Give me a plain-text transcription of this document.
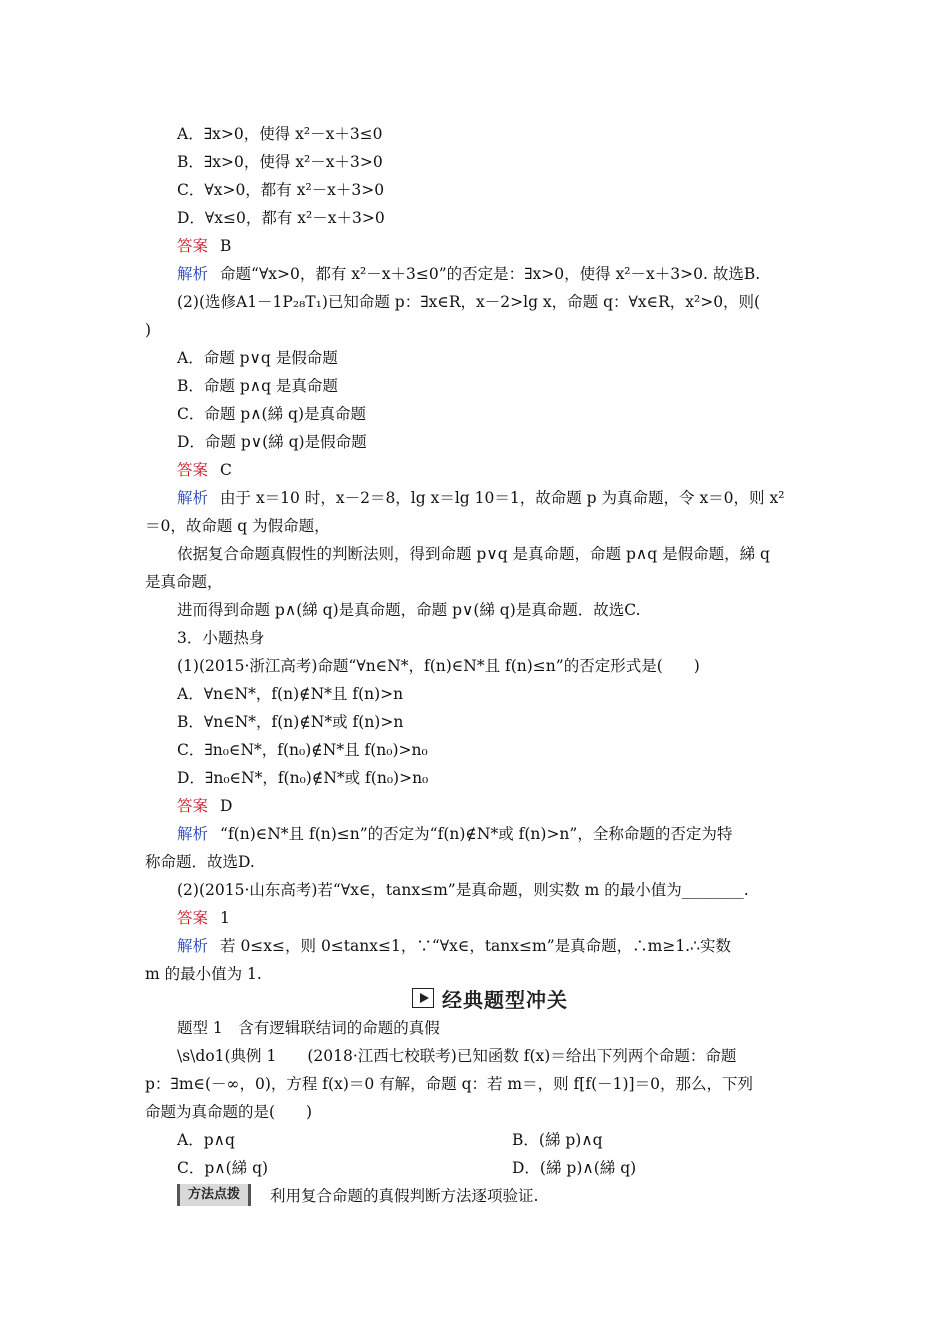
A．∃x>0，使得 x²－x＋3≤0
B．∃x>0，使得 x²－x＋3>0
C．∀x>0，都有 x²－x＋3>0
D．∀x≤0，都有 x²－x＋3>0
答案 B
解析 命题“∀x>0，都有 x²－x＋3≤0”的否定是：∃x>0，使得 x²－x＋3>0. 故选B.
(2)(选修A1－1P₂₈T₁)已知命题 p：∃x∈R，x－2>lg x，命题 q：∀x∈R，x²>0，则(
)
A．命题 p∨q 是假命题
B．命题 p∧q 是真命题
C．命题 p∧(綈 q)是真命题
D．命题 p∨(綈 q)是假命题
答案 C
解析 由于 x＝10 时，x－2＝8，lg x＝lg 10＝1，故命题 p 为真命题，令 x＝0，则 x²
＝0，故命题 q 为假命题，
依据复合命题真假性的判断法则，得到命题 p∨q 是真命题，命题 p∧q 是假命题，綈 q
是真命题，
进而得到命题 p∧(綈 q)是真命题，命题 p∨(綈 q)是真命题．故选C.
3．小题热身
(1)(2015·浙江高考)命题“∀n∈N*，f(n)∈N*且 f(n)≤n”的否定形式是(　　)
A．∀n∈N*，f(n)∉N*且 f(n)>n
B．∀n∈N*，f(n)∉N*或 f(n)>n
C．∃n₀∈N*，f(n₀)∉N*且 f(n₀)>n₀
D．∃n₀∈N*，f(n₀)∉N*或 f(n₀)>n₀
答案 D
解析 “f(n)∈N*且 f(n)≤n”的否定为“f(n)∉N*或 f(n)>n”，全称命题的否定为特
称命题．故选D.
(2)(2015·山东高考)若“∀x∈，tanx≤m”是真命题，则实数 m 的最小值为________.
答案 1
解析 若 0≤x≤，则 0≤tanx≤1，∵“∀x∈，tanx≤m”是真命题，∴m≥1.∴实数
m 的最小值为 1.
经典题型冲关
题型 1　含有逻辑联结词的命题的真假
\s\do1(典例 1　　(2018·江西七校联考)已知函数 f(x)＝给出下列两个命题：命题
p：∃m∈(－∞，0)，方程 f(x)＝0 有解，命题 q：若 m＝，则 f[f(－1)]＝0，那么，下列
命题为真命题的是(　　)
A．p∧q	B．(綈 p)∧q
C．p∧(綈 q)	D．(綈 p)∧(綈 q)
方法点拨	利用复合命题的真假判断方法逐项验证.
